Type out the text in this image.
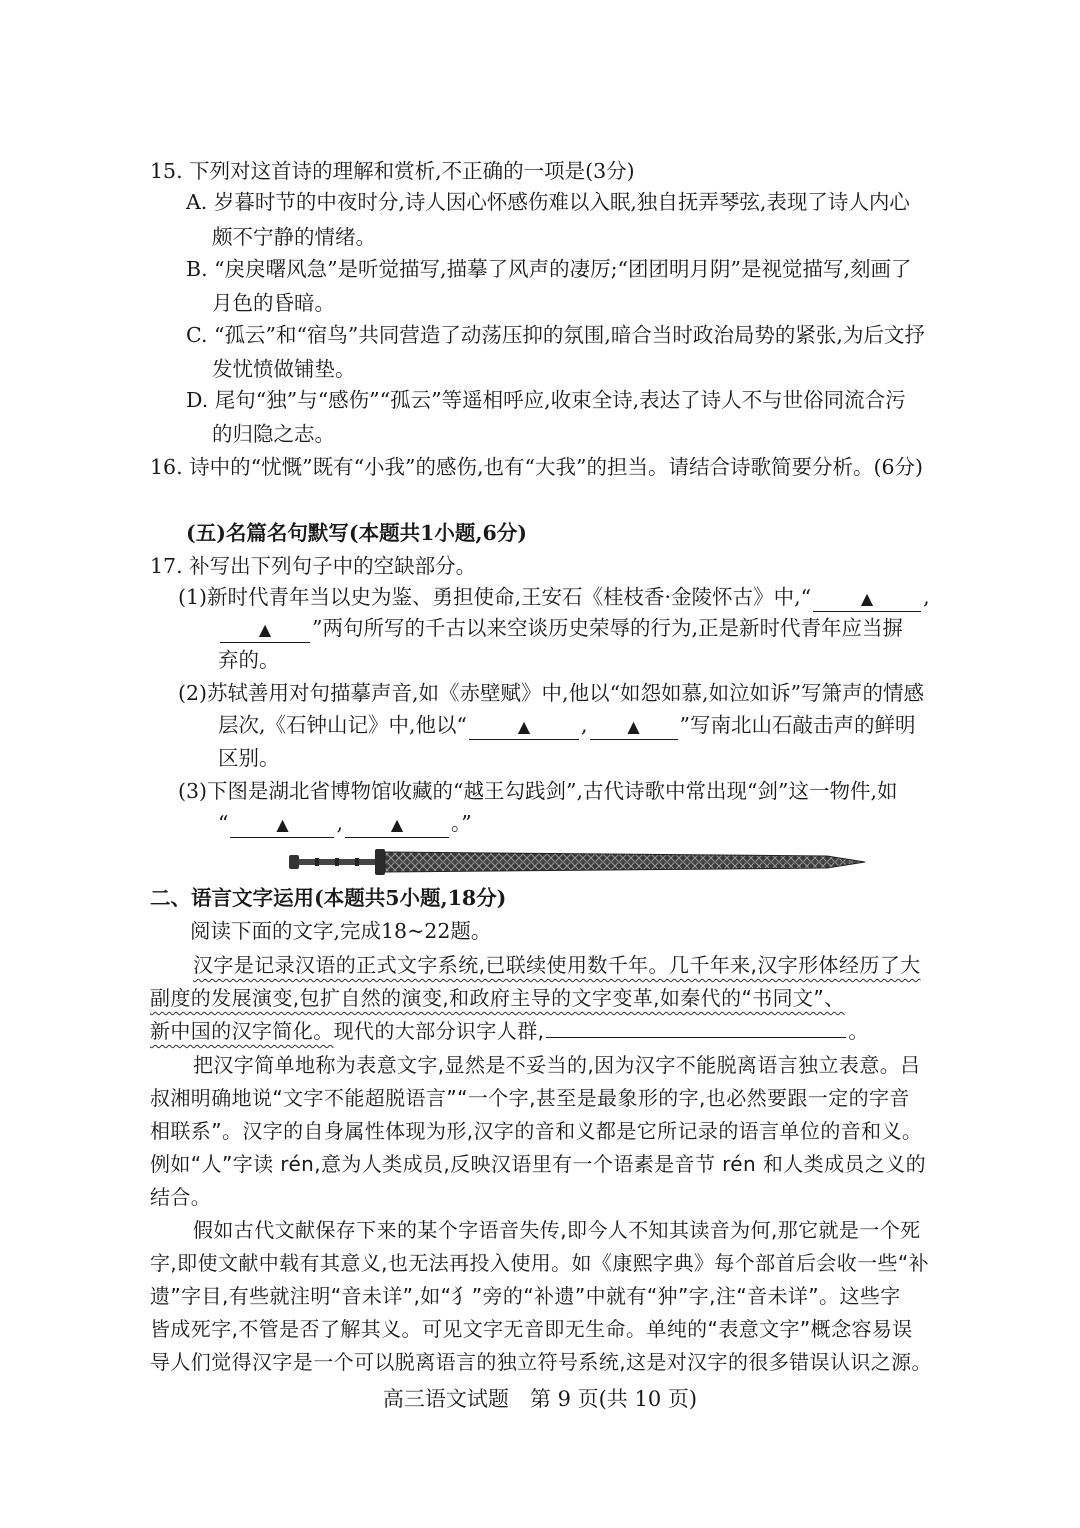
15. 下列对这首诗的理解和赏析,不正确的一项是(3分)
A. 岁暮时节的中夜时分,诗人因心怀感伤难以入眠,独自抚弄琴弦,表现了诗人内心
颇不宁静的情绪。
B. “戾戾曙风急”是听觉描写,描摹了风声的凄厉;“团团明月阴”是视觉描写,刻画了
月色的昏暗。
C. “孤云”和“宿鸟”共同营造了动荡压抑的氛围,暗合当时政治局势的紧张,为后文抒
发忧愤做铺垫。
D. 尾句“独”与“感伤”“孤云”等遥相呼应,收束全诗,表达了诗人不与世俗同流合污
的归隐之志。
16. 诗中的“忧慨”既有“小我”的感伤,也有“大我”的担当。请结合诗歌简要分析。(6分)
(五)名篇名句默写(本题共1小题,6分)
17. 补写出下列句子中的空缺部分。
(1)新时代青年当以史为鉴、勇担使命,王安石《桂枝香·金陵怀古》中,“	▲ ,
▲ ”两句所写的千古以来空谈历史荣辱的行为,正是新时代青年应当摒
弃的。
(2)苏轼善用对句描摹声音,如《赤壁赋》中,他以“如怨如慕,如泣如诉”写箫声的情感
层次,《石钟山记》中,他以“	▲ , ▲ ”写南北山石敲击声的鲜明
区别。
(3)下图是湖北省博物馆收藏的“越王勾践剑”,古代诗歌中常出现“剑”这一物件,如
“	▲ ,	▲ 。”
二、语言文字运用(本题共5小题,18分)
阅读下面的文字,完成18~22题。
汉字是记录汉语的正式文字系统,已联续使用数千年。几千年来,汉字形体经历了大
副度的发展演变,包扩自然的演变,和政府主导的文字变革,如秦代的“书同文”、
新中国的汉字简化。现代的大部分识字人群,	。
把汉字简单地称为表意文字,显然是不妥当的,因为汉字不能脱离语言独立表意。吕
叔湘明确地说“文字不能超脱语言”“一个字,甚至是最象形的字,也必然要跟一定的字音
相联系”。汉字的自身属性体现为形,汉字的音和义都是它所记录的语言单位的音和义。
例如“人”字读 rén,意为人类成员,反映汉语里有一个语素是音节 rén 和人类成员之义的
结合。
假如古代文献保存下来的某个字语音失传,即今人不知其读音为何,那它就是一个死
字,即使文献中载有其意义,也无法再投入使用。如《康熙字典》每个部首后会收一些“补
遗”字目,有些就注明“音未详”,如“犭”旁的“补遗”中就有“狆”字,注“音未详”。这些字
皆成死字,不管是否了解其义。可见文字无音即无生命。单纯的“表意文字”概念容易误
导人们觉得汉字是一个可以脱离语言的独立符号系统,这是对汉字的很多错误认识之源。
高三语文试题　第 9 页(共 10 页)
